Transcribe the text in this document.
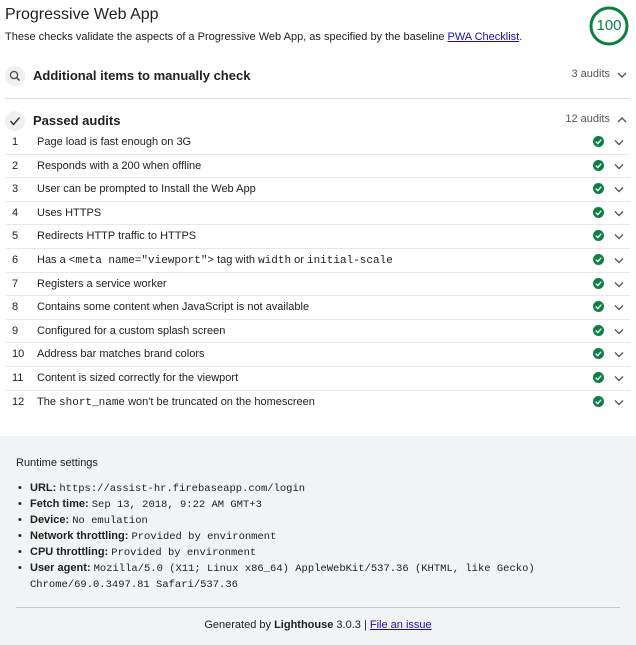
Progressive Web App
These checks validate the aspects of a Progressive Web App, as specified by the baseline PWA Checklist.
100
Additional items to manually check	3 audits
Passed audits	12 audits
1 Page load is fast enough on 3G
2 Responds with a 200 when offline
3 User can be prompted to Install the Web App
4 Uses HTTPS
5 Redirects HTTP traffic to HTTPS
6 Has a <meta name="viewport"> tag with width or initial-scale
7 Registers a service worker
8 Contains some content when JavaScript is not available
9 Configured for a custom splash screen
10 Address bar matches brand colors
11 Content is sized correctly for the viewport
12 The short_name won't be truncated on the homescreen
Runtime settings
• URL: https://assist-hr.firebaseapp.com/login
• Fetch time: Sep 13, 2018, 9:22 AM GMT+3
• Device: No emulation
• Network throttling: Provided by environment
• CPU throttling: Provided by environment
• User agent: Mozilla/5.0 (X11; Linux x86_64) AppleWebKit/537.36 (KHTML, like Gecko) Chrome/69.0.3497.81 Safari/537.36
Generated by Lighthouse 3.0.3 | File an issue
